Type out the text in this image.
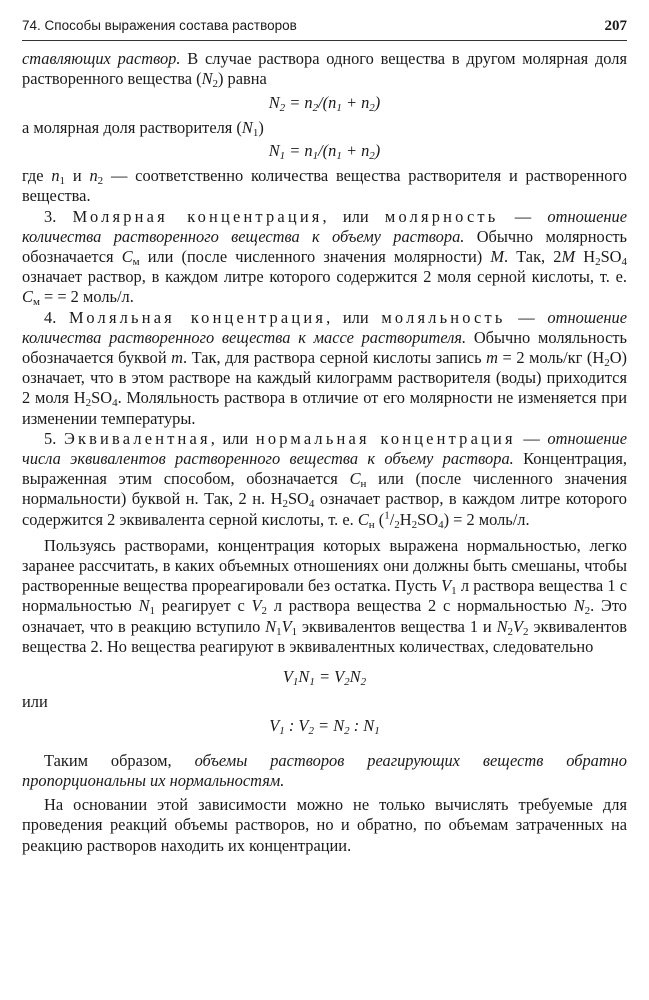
74. Способы выражения состава растворов	207

ставляющих раствор. В случае раствора одного вещества в другом молярная доля растворенного вещества $(N_2)$ равна

$N_2 = n_2/(n_1 + n_2)$

а молярная доля растворителя $(N_1)$

$N_1 = n_1/(n_1 + n_2)$

где $n_1$ и $n_2$ — соответственно количества вещества растворителя и растворенного вещества.

3. Молярная концентрация, или молярность — отношение количества растворенного вещества к объему раствора. Обычно молярность обозначается $C_м$ или (после численного значения молярности) M. Так, 2M $H_2SO_4$ означает раствор, в каждом литре которого содержится 2 моля серной кислоты, т. е. $C_м$ = = 2 моль/л.

4. Моляльная концентрация, или моляльность — отношение количества растворенного вещества к массе растворителя. Обычно моляльность обозначается буквой m. Так, для раствора серной кислоты запись m = 2 моль/кг $(H_2O)$ означает, что в этом растворе на каждый килограмм растворителя (воды) приходится 2 моля $H_2SO_4$. Моляльность раствора в отличие от его молярности не изменяется при изменении температуры.

5. Эквивалентная, или нормальная концентрация — отношение числа эквивалентов растворенного вещества к объему раствора. Концентрация, выраженная этим способом, обозначается $C_н$ или (после численного значения нормальности) буквой н. Так, 2 н. $H_2SO_4$ означает раствор, в каждом литре которого содержится 2 эквивалента серной кислоты, т. е. $C_н$ $(^1/_2H_2SO_4) = 2$ моль/л.

Пользуясь растворами, концентрация которых выражена нормальностью, легко заранее рассчитать, в каких объемных отношениях они должны быть смешаны, чтобы растворенные вещества прореагировали без остатка. Пусть $V_1$ л раствора вещества 1 с нормальностью $N_1$ реагирует с $V_2$ л раствора вещества 2 с нормальностью $N_2$. Это означает, что в реакцию вступило $N_1V_1$ эквивалентов вещества 1 и $N_2V_2$ эквивалентов вещества 2. Но вещества реагируют в эквивалентных количествах, следовательно

$V_1N_1 = V_2N_2$

или

$V_1$ : $V_2 = N_2$ : $N_1$

Таким образом, объемы растворов реагирующих веществ обратно пропорциональны их нормальностям.

На основании этой зависимости можно не только вычислять требуемые для проведения реакций объемы растворов, но и обратно, по объемам затраченных на реакцию растворов находить их концентрации.
